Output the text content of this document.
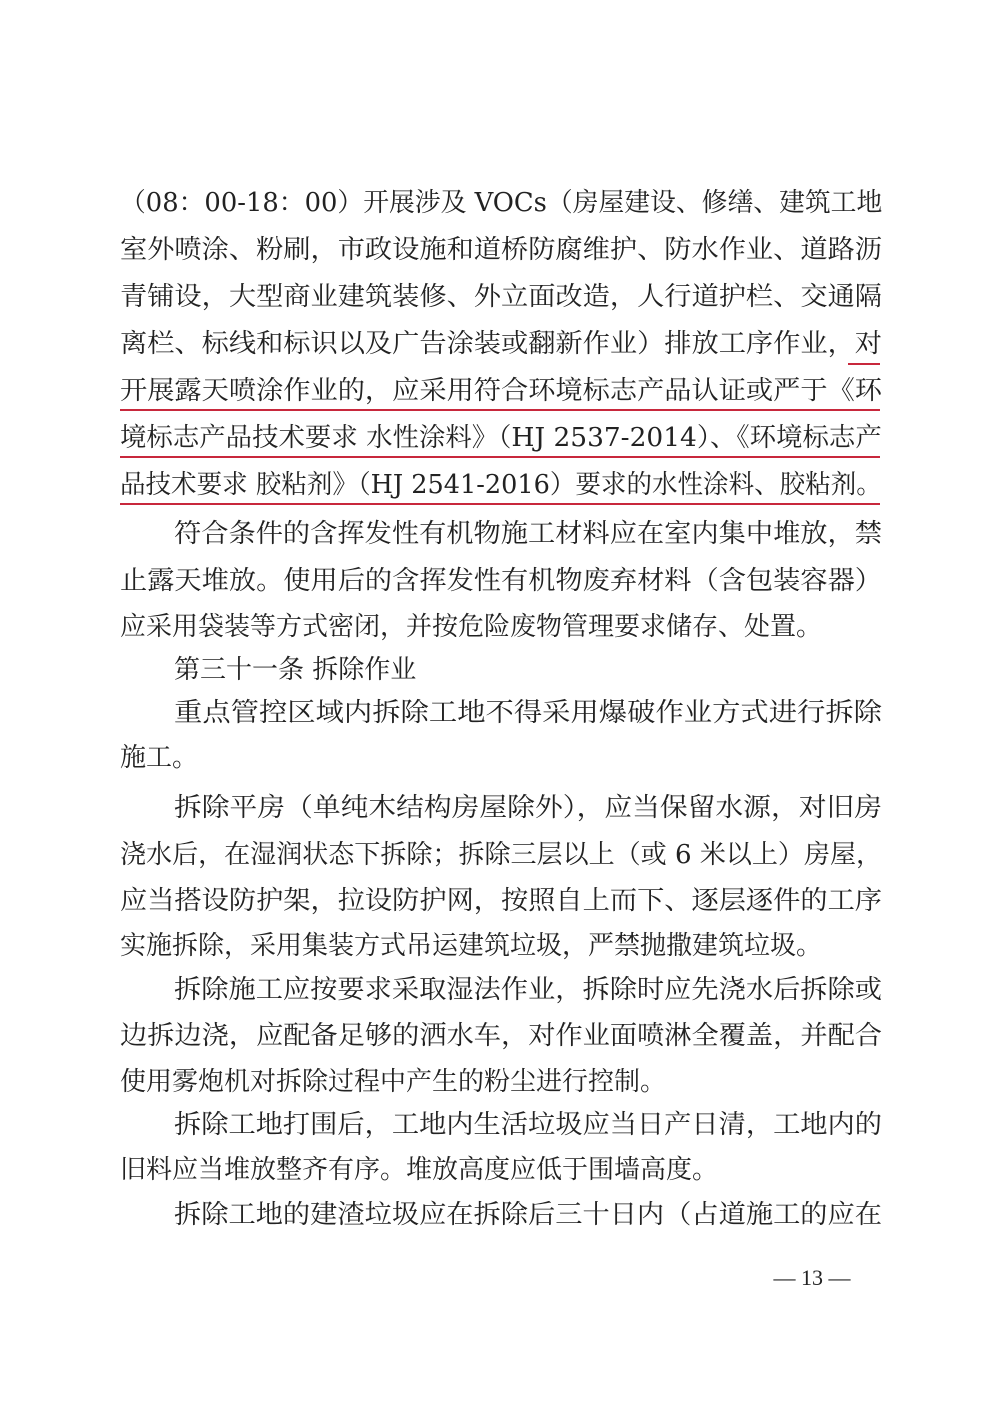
（08：00-18：00）开展涉及 VOCs（房屋建设、修缮、建筑工地
室外喷涂、粉刷，市政设施和道桥防腐维护、防水作业、道路沥
青铺设，大型商业建筑装修、外立面改造，人行道护栏、交通隔
离栏、标线和标识以及广告涂装或翻新作业）排放工序作业，对
开展露天喷涂作业的，应采用符合环境标志产品认证或严于《环
境标志产品技术要求 水性涂料》（HJ 2537-2014）、《环境标志产
品技术要求 胶粘剂》（HJ 2541-2016）要求的水性涂料、胶粘剂。
符合条件的含挥发性有机物施工材料应在室内集中堆放，禁
止露天堆放。使用后的含挥发性有机物废弃材料（含包装容器）
应采用袋装等方式密闭，并按危险废物管理要求储存、处置。
第三十一条 拆除作业
重点管控区域内拆除工地不得采用爆破作业方式进行拆除
施工。
拆除平房（单纯木结构房屋除外），应当保留水源，对旧房
浇水后，在湿润状态下拆除；拆除三层以上（或 6 米以上）房屋，
应当搭设防护架，拉设防护网，按照自上而下、逐层逐件的工序
实施拆除，采用集装方式吊运建筑垃圾，严禁抛撒建筑垃圾。
拆除施工应按要求采取湿法作业，拆除时应先浇水后拆除或
边拆边浇，应配备足够的洒水车，对作业面喷淋全覆盖，并配合
使用雾炮机对拆除过程中产生的粉尘进行控制。
拆除工地打围后，工地内生活垃圾应当日产日清，工地内的
旧料应当堆放整齐有序。堆放高度应低于围墙高度。
拆除工地的建渣垃圾应在拆除后三十日内（占道施工的应在
— 13 —
